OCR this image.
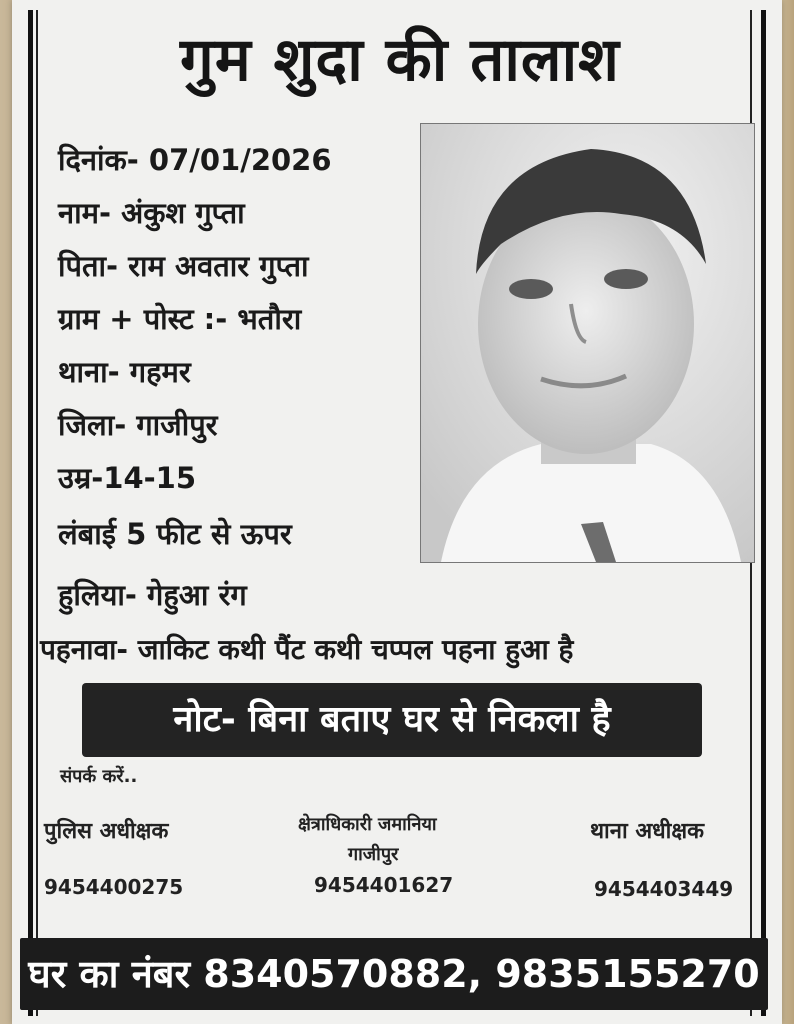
गुम शुदा की तालाश
दिनांक- 07/01/2026
नाम- अंकुश गुप्ता
पिता- राम अवतार गुप्ता
ग्राम + पोस्ट :- भतौरा
थाना- गहमर
जिला- गाजीपुर
उम्र-14-15
लंबाई 5 फीट से ऊपर
हुलिया- गेहुआ रंग
पहनावा- जाकिट कथी पैंट कथी चप्पल पहना हुआ है
नोट- बिना बताए घर से निकला है
संपर्क करें..
पुलिस अधीक्षक
9454400275
क्षेत्राधिकारी जमानिया
गाजीपुर
9454401627
थाना अधीक्षक
9454403449
घर का नंबर 8340570882, 9835155270
